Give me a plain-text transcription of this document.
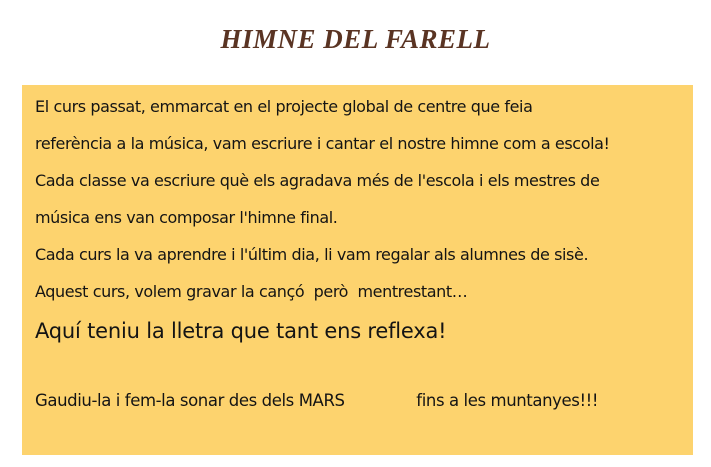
HIMNE DEL FARELL
El curs passat, emmarcat en el projecte global de centre que feia
referència a la música, vam escriure i cantar el nostre himne com a escola!
Cada classe va escriure què els agradava més de l'escola i els mestres de
música ens van composar l'himne final.
Cada curs la va aprendre i l'últim dia, li vam regalar als alumnes de sisè.
Aquest curs, volem gravar la cançó  però  mentrestant…
Aquí teniu la lletra que tant ens reflexa!
Gaudiu-la i fem-la sonar des dels MARS

	fins a les muntanyes!!!
